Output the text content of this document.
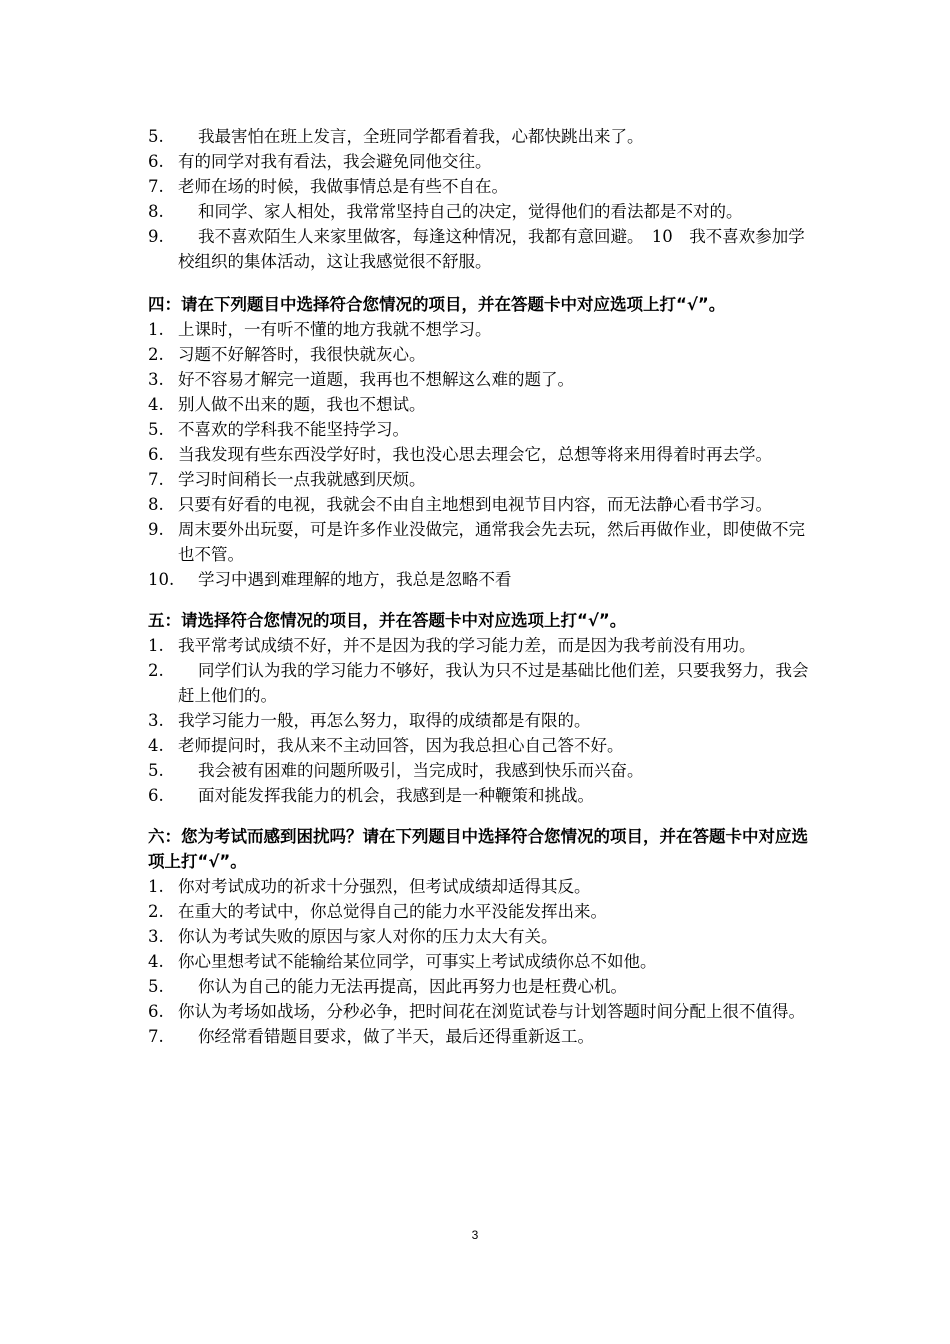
5.	我最害怕在班上发言，全班同学都看着我，心都快跳出来了。
6. 有的同学对我有看法，我会避免同他交往。
7. 老师在场的时候，我做事情总是有些不自在。
8.	和同学、家人相处，我常常坚持自己的决定，觉得他们的看法都是不对的。
9.	我不喜欢陌生人来家里做客，每逢这种情况，我都有意回避。　10　我不喜欢参加学校组织的集体活动，这让我感觉很不舒服。
四：请在下列题目中选择符合您情况的项目，并在答题卡中对应选项上打“√”。
1. 上课时，一有听不懂的地方我就不想学习。
2. 习题不好解答时，我很快就灰心。
3. 好不容易才解完一道题，我再也不想解这么难的题了。
4. 别人做不出来的题，我也不想试。
5. 不喜欢的学科我不能坚持学习。
6. 当我发现有些东西没学好时，我也没心思去理会它，总想等将来用得着时再去学。
7. 学习时间稍长一点我就感到厌烦。
8. 只要有好看的电视，我就会不由自主地想到电视节目内容，而无法静心看书学习。
9. 周末要外出玩耍，可是许多作业没做完，通常我会先去玩，然后再做作业，即使做不完也不管。
10.	学习中遇到难理解的地方，我总是忽略不看
五：请选择符合您情况的项目，并在答题卡中对应选项上打“√”。
1. 我平常考试成绩不好，并不是因为我的学习能力差，而是因为我考前没有用功。
2.	同学们认为我的学习能力不够好，我认为只不过是基础比他们差，只要我努力，我会赶上他们的。
3. 我学习能力一般，再怎么努力，取得的成绩都是有限的。
4. 老师提问时，我从来不主动回答，因为我总担心自己答不好。
5.	我会被有困难的问题所吸引，当完成时，我感到快乐而兴奋。
6.	面对能发挥我能力的机会，我感到是一种鞭策和挑战。
六：您为考试而感到困扰吗？请在下列题目中选择符合您情况的项目，并在答题卡中对应选项上打“√”。
1. 你对考试成功的祈求十分强烈，但考试成绩却适得其反。
2. 在重大的考试中，你总觉得自己的能力水平没能发挥出来。
3. 你认为考试失败的原因与家人对你的压力太大有关。
4. 你心里想考试不能输给某位同学，可事实上考试成绩你总不如他。
5.	你认为自己的能力无法再提高，因此再努力也是枉费心机。
6. 你认为考场如战场，分秒必争，把时间花在浏览试卷与计划答题时间分配上很不值得。
7.	你经常看错题目要求，做了半天，最后还得重新返工。
3
